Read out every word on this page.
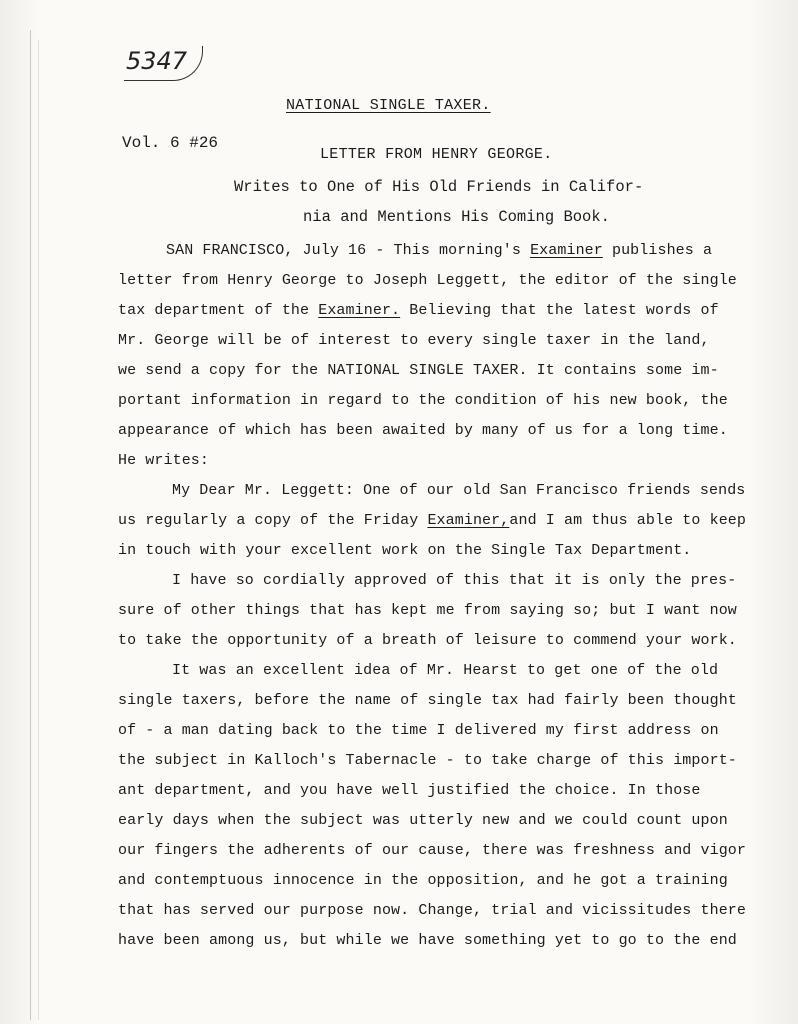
5347
NATIONAL SINGLE TAXER.
Vol. 6 #26
LETTER FROM HENRY GEORGE.
Writes to One of His Old Friends in Califor-
nia and Mentions His Coming Book.
SAN FRANCISCO, July 16 - This morning's Examiner publishes a
letter from Henry George to Joseph Leggett, the editor of the single
tax department of the Examiner. Believing that the latest words of
Mr. George will be of interest to every single taxer in the land,
we send a copy for the NATIONAL SINGLE TAXER. It contains some im-
portant information in regard to the condition of his new book, the
appearance of which has been awaited by many of us for a long time.
He writes:
My Dear Mr. Leggett: One of our old San Francisco friends sends
us regularly a copy of the Friday Examiner,and I am thus able to keep
in touch with your excellent work on the Single Tax Department.
I have so cordially approved of this that it is only the pres-
sure of other things that has kept me from saying so; but I want now
to take the opportunity of a breath of leisure to commend your work.
It was an excellent idea of Mr. Hearst to get one of the old
single taxers, before the name of single tax had fairly been thought
of - a man dating back to the time I delivered my first address on
the subject in Kalloch's Tabernacle - to take charge of this import-
ant department, and you have well justified the choice. In those
early days when the subject was utterly new and we could count upon
our fingers the adherents of our cause, there was freshness and vigor
and contemptuous innocence in the opposition, and he got a training
that has served our purpose now. Change, trial and vicissitudes there
have been among us, but while we have something yet to go to the end
